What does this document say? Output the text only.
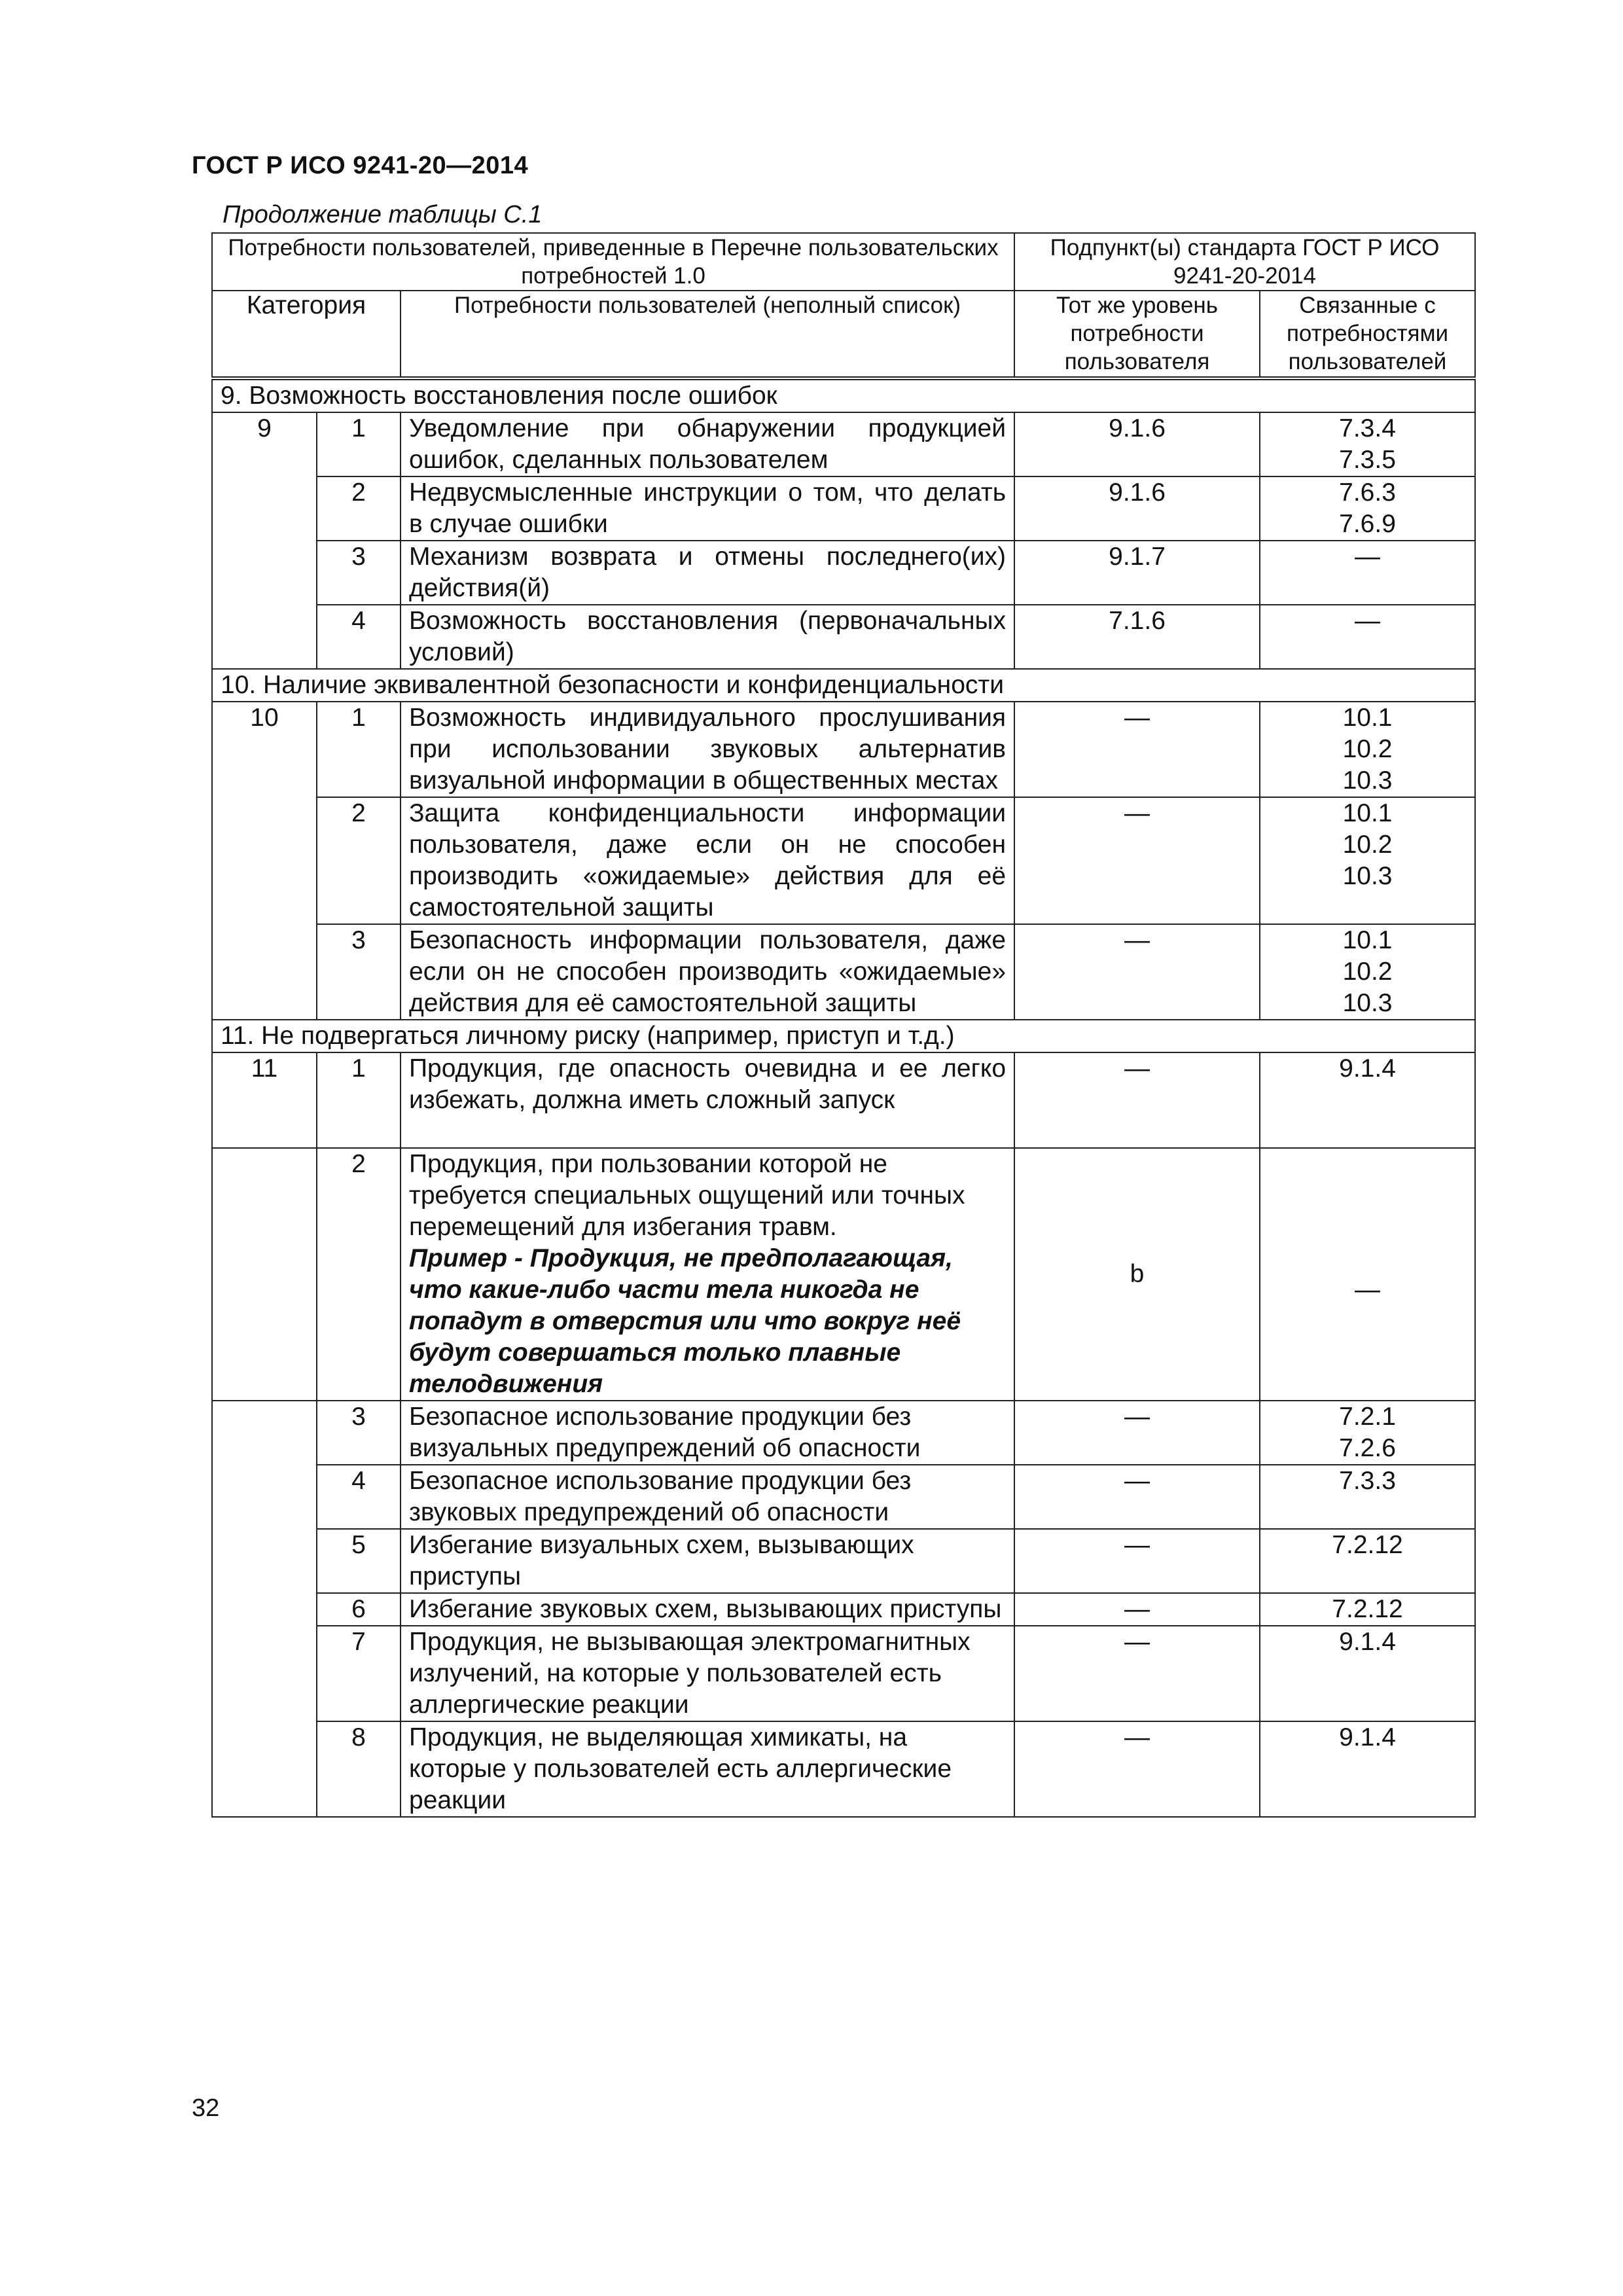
ГОСТ Р ИСО 9241-20—2014
Продолжение таблицы С.1
Потребности пользователей, приведенные в Перечне пользовательских потребностей 1.0			Подпункт(ы) стандарта ГОСТ Р ИСО 9241-20-2014	
Категория		Потребности пользователей (неполный список)	Тот же уровень потребности пользователя	Связанные с потребностями пользователей
9. Возможность восстановления после ошибок				
9	1	Уведомление при обнаружении продукцией ошибок, сделанных пользователем	9.1.6	7.3.4
7.3.5

	2	Недвусмысленные инструкции о том, что делать в случае ошибки	9.1.6	7.6.3
7.6.9

	3	Механизм возврата и отмены последнего(их) действия(й)	9.1.7	—

	4	Возможность восстановления (первоначальных условий)	7.1.6	—

10. Наличие эквивалентной безопасности и конфиденциальности				
10	1	Возможность индивидуального прослушивания при использовании звуковых альтернатив визуальной информации в общественных местах	—	10.1
10.2
10.3

	2	Защита конфиденциальности информации пользователя, даже если он не способен производить «ожидаемые» действия для её самостоятельной защиты	—	10.1
10.2
10.3

	3	Безопасность информации пользователя, даже если он не способен производить «ожидаемые» действия для её самостоятельной защиты	—	10.1
10.2
10.3

11. Не подвергаться личному риску (например, приступ и т.д.)				
11	1	Продукция, где опасность очевидна и ее легко избежать, должна иметь сложный запуск	—	9.1.4

	2	Продукция, при пользовании которой не требуется специальных ощущений или точных перемещений для избегания травм.
Пример - Продукция, не предполагающая, что какие-либо части тела никогда не попадут в отверстия или что вокруг неё будут совершаться только плавные телодвижения	b	—

	3	Безопасное использование продукции без визуальных предупреждений об опасности	—	7.2.1
7.2.6

	4	Безопасное использование продукции без звуковых предупреждений об опасности	—	7.3.3

	5	Избегание визуальных схем, вызывающих приступы	—	7.2.12

	6	Избегание звуковых схем, вызывающих приступы	—	7.2.12

	7	Продукция, не вызывающая электромагнитных излучений, на которые у пользователей есть аллергические реакции	—	9.1.4

	8	Продукция, не выделяющая химикаты, на которые у пользователей есть аллергические реакции	—	9.1.4
32
